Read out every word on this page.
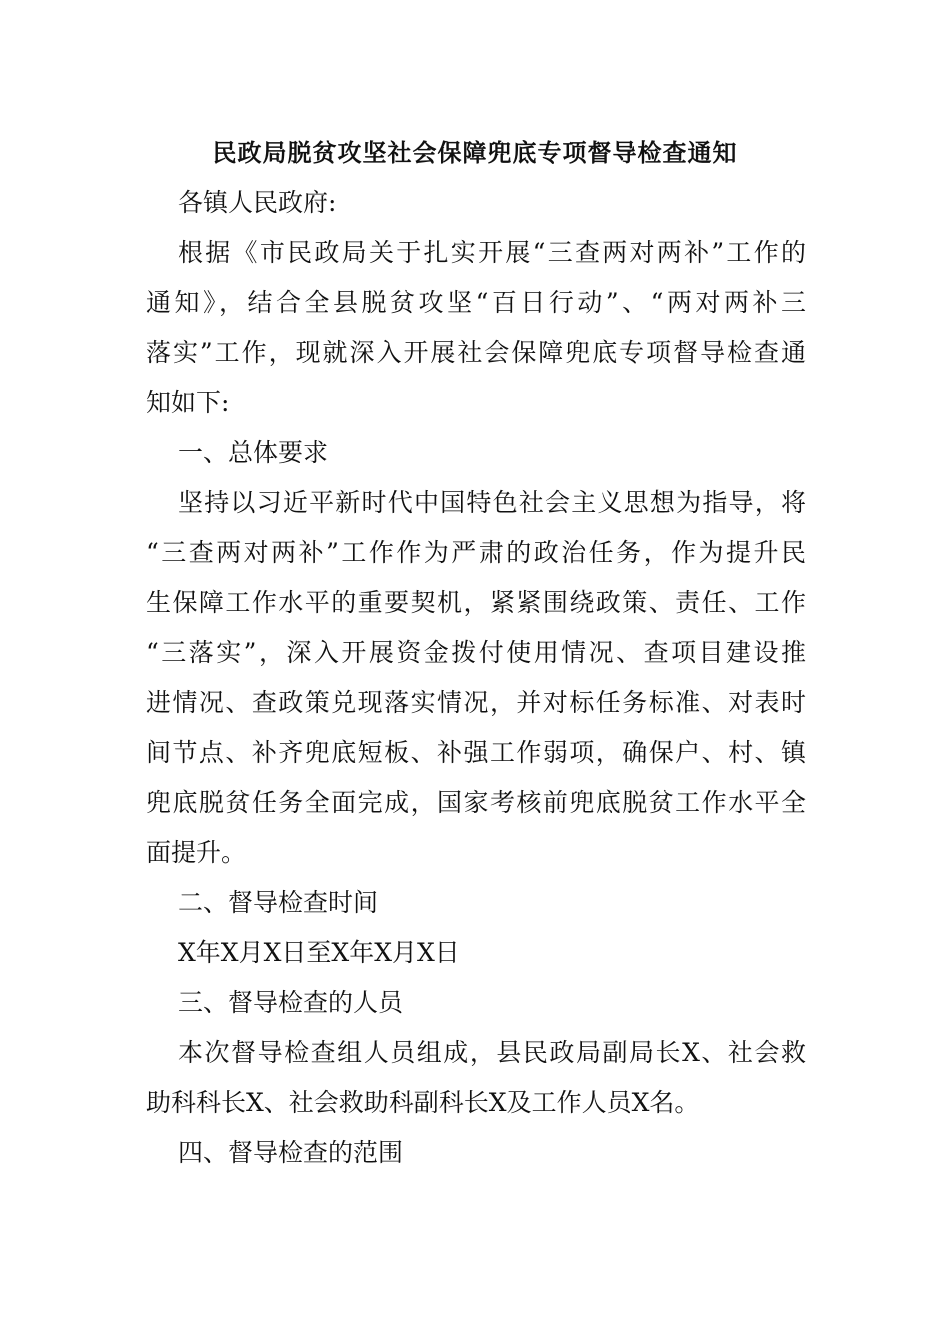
民政局脱贫攻坚社会保障兜底专项督导检查通知
各镇人民政府:
根据《市民政局关于扎实开展“三查两对两补”工作的
通知》，结合全县脱贫攻坚“百日行动”、“两对两补三
落实”工作，现就深入开展社会保障兜底专项督导检查通
知如下:
一、总体要求
坚持以习近平新时代中国特色社会主义思想为指导，将
“三查两对两补”工作作为严肃的政治任务，作为提升民
生保障工作水平的重要契机，紧紧围绕政策、责任、工作
“三落实”，深入开展资金拨付使用情况、查项目建设推
进情况、查政策兑现落实情况，并对标任务标准、对表时
间节点、补齐兜底短板、补强工作弱项，确保户、村、镇
兜底脱贫任务全面完成，国家考核前兜底脱贫工作水平全
面提升。
二、督导检查时间
X年X月X日至X年X月X日
三、督导检查的人员
本次督导检查组人员组成，县民政局副局长X、社会救
助科科长X、社会救助科副科长X及工作人员X名。
四、督导检查的范围
